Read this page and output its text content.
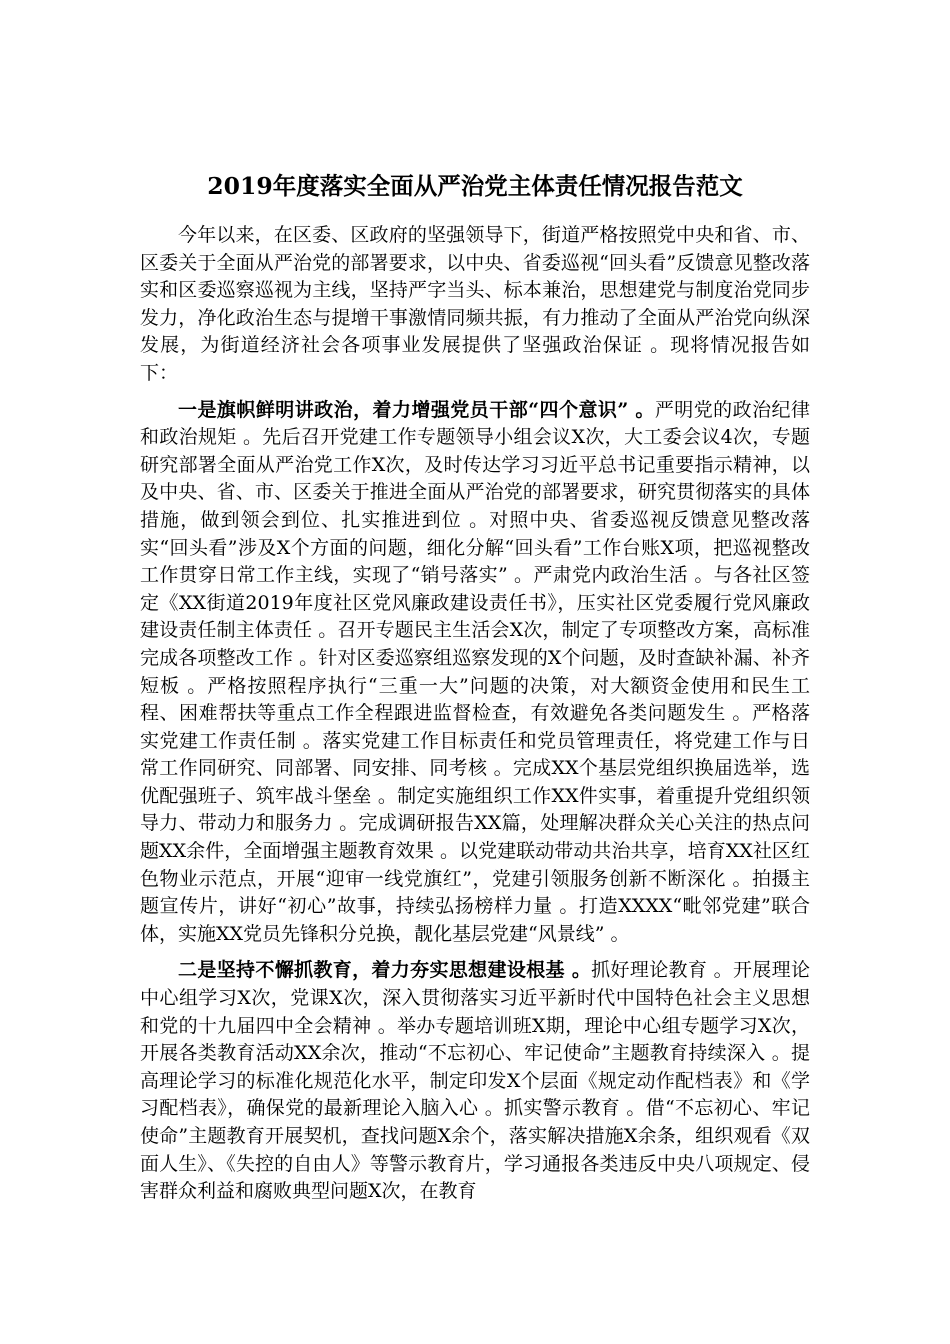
2019年度落实全面从严治党主体责任情况报告范文

今年以来，在区委、区政府的坚强领导下，街道严格按照党中央和省、市、区委关于全面从严治党的部署要求，以中央、省委巡视“回头看”反馈意见整改落实和区委巡察巡视为主线，坚持严字当头、标本兼治，思想建党与制度治党同步发力，净化政治生态与提增干事激情同频共振，有力推动了全面从严治党向纵深发展，为街道经济社会各项事业发展提供了坚强政治保证 。现将情况报告如下：

一是旗帜鲜明讲政治，着力增强党员干部“四个意识” 。严明党的政治纪律和政治规矩 。先后召开党建工作专题领导小组会议X次，大工委会议4次，专题研究部署全面从严治党工作X次，及时传达学习习近平总书记重要指示精神，以及中央、省、市、区委关于推进全面从严治党的部署要求，研究贯彻落实的具体措施，做到领会到位、扎实推进到位 。对照中央、省委巡视反馈意见整改落实“回头看”涉及X个方面的问题，细化分解“回头看”工作台账X项，把巡视整改工作贯穿日常工作主线，实现了“销号落实” 。严肃党内政治生活 。与各社区签定《XX街道2019年度社区党风廉政建设责任书》，压实社区党委履行党风廉政建设责任制主体责任 。召开专题民主生活会X次，制定了专项整改方案，高标准完成各项整改工作 。针对区委巡察组巡察发现的X个问题，及时查缺补漏、补齐短板 。严格按照程序执行“三重一大”问题的决策，对大额资金使用和民生工程、困难帮扶等重点工作全程跟进监督检查，有效避免各类问题发生 。严格落实党建工作责任制 。落实党建工作目标责任和党员管理责任，将党建工作与日常工作同研究、同部署、同安排、同考核 。完成XX个基层党组织换届选举，选优配强班子、筑牢战斗堡垒 。制定实施组织工作XX件实事，着重提升党组织领导力、带动力和服务力 。完成调研报告XX篇，处理解决群众关心关注的热点问题XX余件，全面增强主题教育效果 。以党建联动带动共治共享，培育XX社区红色物业示范点，开展“迎审一线党旗红”，党建引领服务创新不断深化 。拍摄主题宣传片，讲好“初心”故事，持续弘扬榜样力量 。打造XXXX“毗邻党建”联合体，实施XX党员先锋积分兑换，靓化基层党建“风景线” 。

二是坚持不懈抓教育，着力夯实思想建设根基 。抓好理论教育 。开展理论中心组学习X次，党课X次，深入贯彻落实习近平新时代中国特色社会主义思想和党的十九届四中全会精神 。举办专题培训班X期，理论中心组专题学习X次，开展各类教育活动XX余次，推动“不忘初心、牢记使命”主题教育持续深入 。提高理论学习的标准化规范化水平，制定印发X个层面《规定动作配档表》和《学习配档表》，确保党的最新理论入脑入心 。抓实警示教育 。借“不忘初心、牢记使命”主题教育开展契机，查找问题X余个，落实解决措施X余条，组织观看《双面人生》、《失控的自由人》等警示教育片，学习通报各类违反中央八项规定、侵害群众利益和腐败典型问题X次，在教育
